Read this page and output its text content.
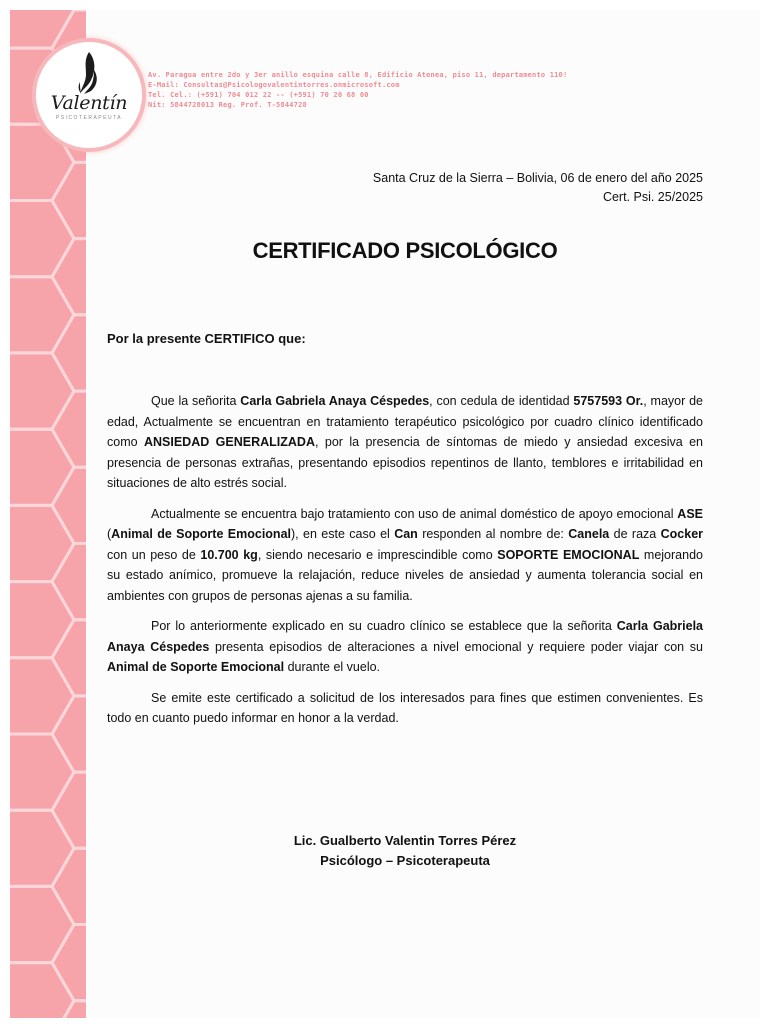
Valentín
PSICOTERAPEUTA
Av. Paragua entre 2do y 3er anillo esquina calle 8, Edificio Atenea, piso 11, departamento 110!
E-Mail: Consultas@Psicologovalentintorres.onmicrosoft.com
Tel. Cel.: (+591) 704 012 22 -- (+591) 70 20 68 00
Nit: 5844728013 Reg. Prof. T-5844728
Santa Cruz de la Sierra – Bolivia, 06 de enero del año 2025
Cert. Psi. 25/2025
CERTIFICADO PSICOLÓGICO
Por la presente CERTIFICO que:

Que la señorita Carla Gabriela Anaya Céspedes, con cedula de identidad 5757593 Or., mayor de edad, Actualmente se encuentran en tratamiento terapéutico psicológico por cuadro clínico identificado como ANSIEDAD GENERALIZADA, por la presencia de síntomas de miedo y ansiedad excesiva en presencia de personas extrañas, presentando episodios repentinos de llanto, temblores e irritabilidad en situaciones de alto estrés social.

Actualmente se encuentra bajo tratamiento con uso de animal doméstico de apoyo emocional ASE (Animal de Soporte Emocional), en este caso el Can responden al nombre de: Canela de raza Cocker con un peso de 10.700 kg, siendo necesario e imprescindible como SOPORTE EMOCIONAL mejorando su estado anímico, promueve la relajación, reduce niveles de ansiedad y aumenta tolerancia social en ambientes con grupos de personas ajenas a su familia.

Por lo anteriormente explicado en su cuadro clínico se establece que la señorita Carla Gabriela Anaya Céspedes presenta episodios de alteraciones a nivel emocional y requiere poder viajar con su Animal de Soporte Emocional durante el vuelo.

Se emite este certificado a solicitud de los interesados para fines que estimen convenientes. Es todo en cuanto puedo informar en honor a la verdad.

Lic. Gualberto Valentin Torres Pérez
Psicólogo – Psicoterapeuta
